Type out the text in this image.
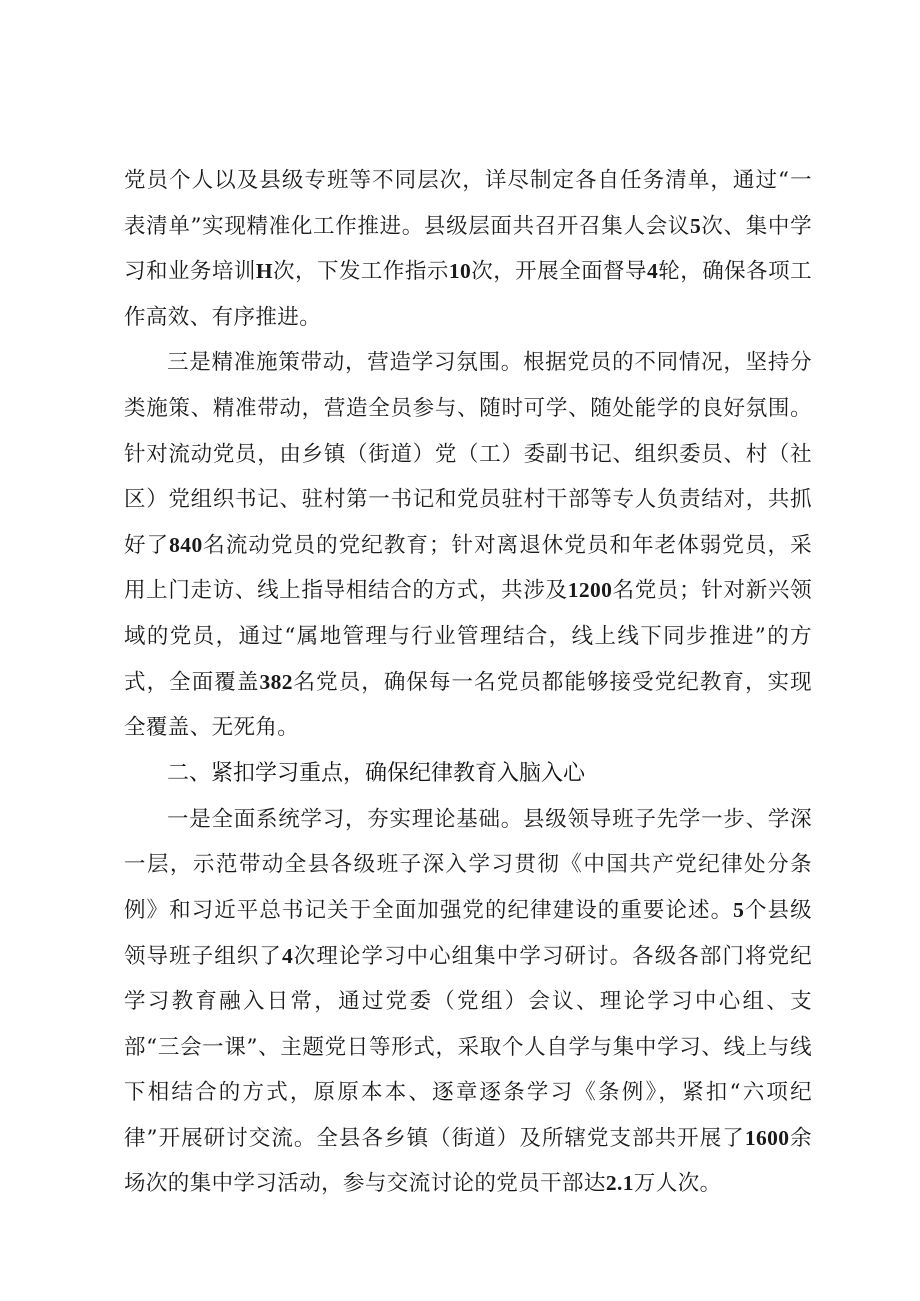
党员个人以及县级专班等不同层次，详尽制定各自任务清单，通过“一表清单”实现精准化工作推进。县级层面共召开召集人会议5次、集中学习和业务培训H次，下发工作指示10次，开展全面督导4轮，确保各项工作高效、有序推进。

三是精准施策带动，营造学习氛围。根据党员的不同情况，坚持分类施策、精准带动，营造全员参与、随时可学、随处能学的良好氛围。针对流动党员，由乡镇（街道）党（工）委副书记、组织委员、村（社区）党组织书记、驻村第一书记和党员驻村干部等专人负责结对，共抓好了840名流动党员的党纪教育；针对离退休党员和年老体弱党员，采用上门走访、线上指导相结合的方式，共涉及1200名党员；针对新兴领域的党员，通过“属地管理与行业管理结合，线上线下同步推进”的方式，全面覆盖382名党员，确保每一名党员都能够接受党纪教育，实现全覆盖、无死角。

二、紧扣学习重点，确保纪律教育入脑入心

一是全面系统学习，夯实理论基础。县级领导班子先学一步、学深一层，示范带动全县各级班子深入学习贯彻《中国共产党纪律处分条例》和习近平总书记关于全面加强党的纪律建设的重要论述。5个县级领导班子组织了4次理论学习中心组集中学习研讨。各级各部门将党纪学习教育融入日常，通过党委（党组）会议、理论学习中心组、支部“三会一课”、主题党日等形式，采取个人自学与集中学习、线上与线下相结合的方式，原原本本、逐章逐条学习《条例》，紧扣“六项纪律”开展研讨交流。全县各乡镇（街道）及所辖党支部共开展了1600余场次的集中学习活动，参与交流讨论的党员干部达2.1万人次。
